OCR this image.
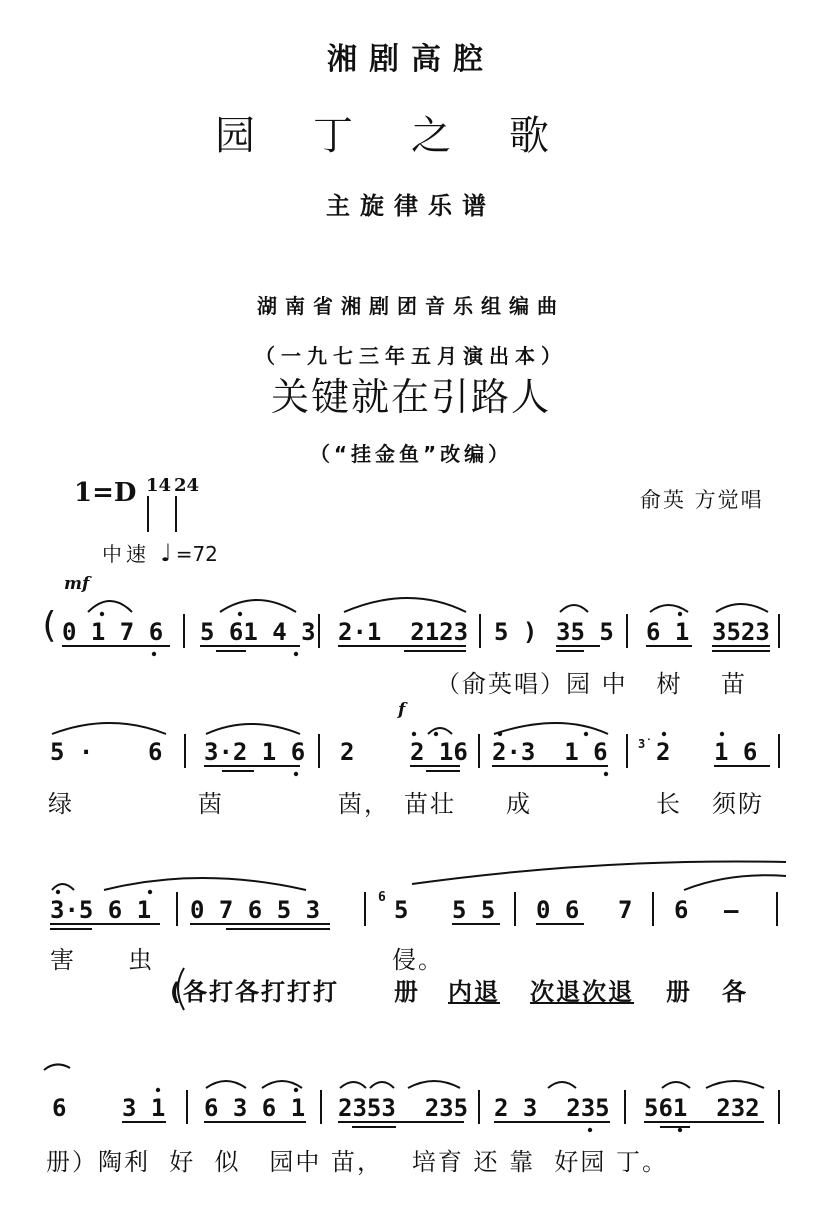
湘剧高腔
园丁之歌
主旋律乐谱
湖南省湘剧团音乐组编曲
（一九七三年五月演出本）
关键就在引路人
（“挂金鱼”改编）
1=D 1
4 2
4
俞英 方觉唱
中速 ♩=72
mf
f
( 0 1 7 6 5 61 4 3 2·1  2123 5 ) 35 5 6 1 3523
（俞英唱）园 中   树    苗
5 · 6 3·2 1 6 2 2 16 2·3  1 6	3̇ 2 1 6
绿	茵	茵， 苗壮 成	长 须防
3·5 6 1 0 7 6 5 3	6 5 5 5 0 6 7 6 —
害 虫	侵。
(各打各打打打 册 内退 次退次退 册 各
6 3 1 6 3 6 1 2353  235 2 3  235 561  232
册）陶利  好  似   园中 苗，   培育 还 靠  好园 丁。
